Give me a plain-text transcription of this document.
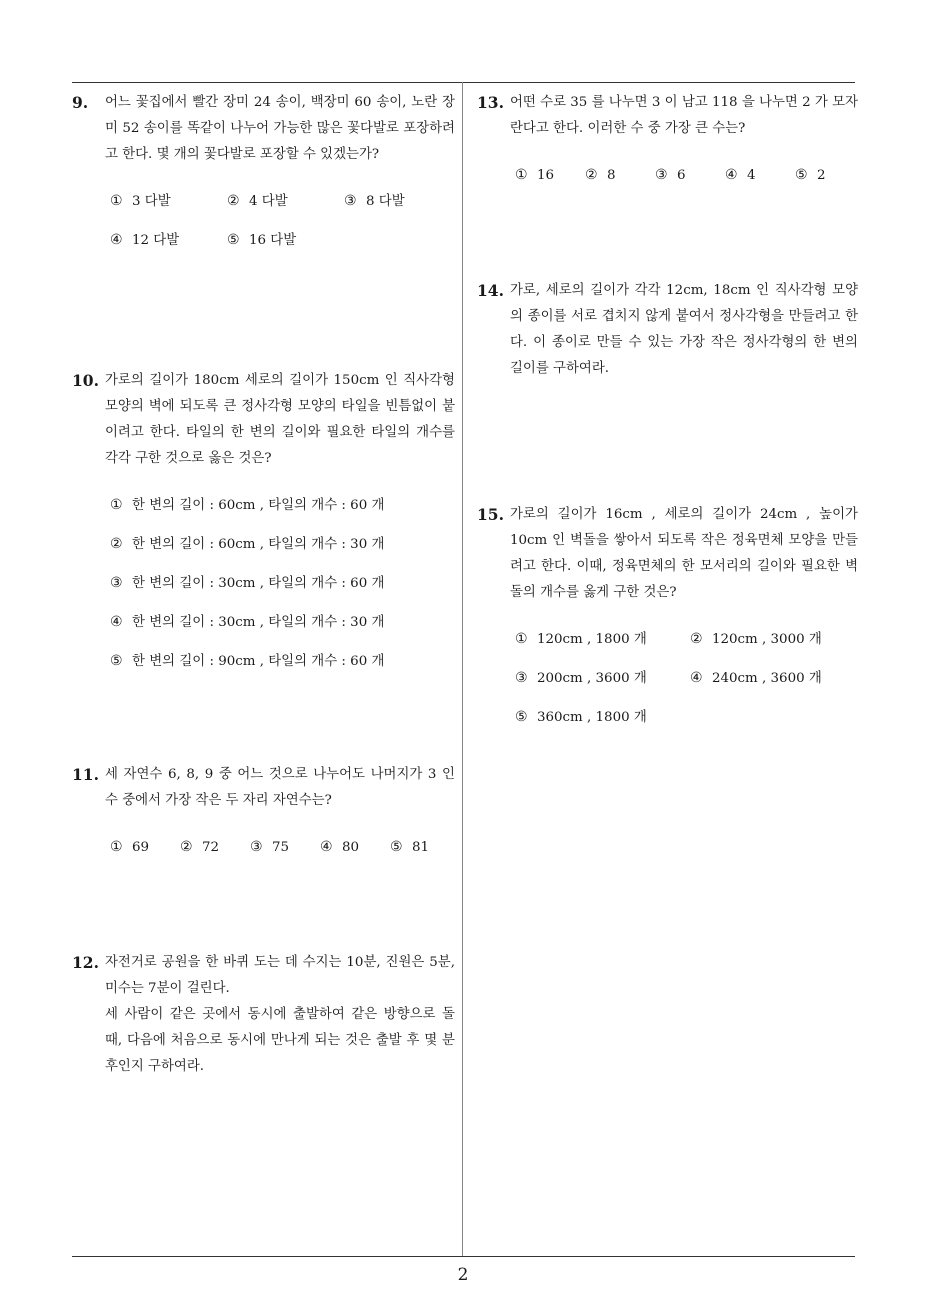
9. 어느 꽃집에서 빨간 장미 24 송이, 백장미 60 송이, 노란 장미 52 송이를 똑같이 나누어 가능한 많은 꽃다발로 포장하려고 한다. 몇 개의 꽃다발로 포장할 수 있겠는가?

① 3 다발	② 4 다발	③ 8 다발
④ 12 다발	⑤ 16 다발
10. 가로의 길이가 180cm 세로의 길이가 150cm 인 직사각형 모양의 벽에 되도록 큰 정사각형 모양의 타일을 빈틈없이 붙이려고 한다. 타일의 한 변의 길이와 필요한 타일의 개수를 각각 구한 것으로 옳은 것은?

① 한 변의 길이 : 60cm , 타일의 개수 : 60 개
② 한 변의 길이 : 60cm , 타일의 개수 : 30 개
③ 한 변의 길이 : 30cm , 타일의 개수 : 60 개
④ 한 변의 길이 : 30cm , 타일의 개수 : 30 개
⑤ 한 변의 길이 : 90cm , 타일의 개수 : 60 개
11. 세 자연수 6, 8, 9 중 어느 것으로 나누어도 나머지가 3 인 수 중에서 가장 작은 두 자리 자연수는?

① 69	② 72	③ 75	④ 80	⑤ 81
12. 자전거로 공원을 한 바퀴 도는 데 수지는 10분, 진원은 5분, 미수는 7분이 걸린다.

세 사람이 같은 곳에서 동시에 출발하여 같은 방향으로 돌 때, 다음에 처음으로 동시에 만나게 되는 것은 출발 후 몇 분 후인지 구하여라.

13. 어떤 수로 35 를 나누면 3 이 남고 118 을 나누면 2 가 모자란다고 한다. 이러한 수 중 가장 큰 수는?

① 16	② 8	③ 6	④ 4	⑤ 2
14. 가로, 세로의 길이가 각각 12cm, 18cm 인 직사각형 모양의 종이를 서로 겹치지 않게 붙여서 정사각형을 만들려고 한다. 이 종이로 만들 수 있는 가장 작은 정사각형의 한 변의 길이를 구하여라.

15. 가로의 길이가 16cm , 세로의 길이가 24cm , 높이가 10cm 인 벽돌을 쌓아서 되도록 작은 정육면체 모양을 만들려고 한다. 이때, 정육면체의 한 모서리의 길이와 필요한 벽돌의 개수를 옳게 구한 것은?

① 120cm , 1800 개	② 120cm , 3000 개
③ 200cm , 3600 개	④ 240cm , 3600 개
⑤ 360cm , 1800 개
2
